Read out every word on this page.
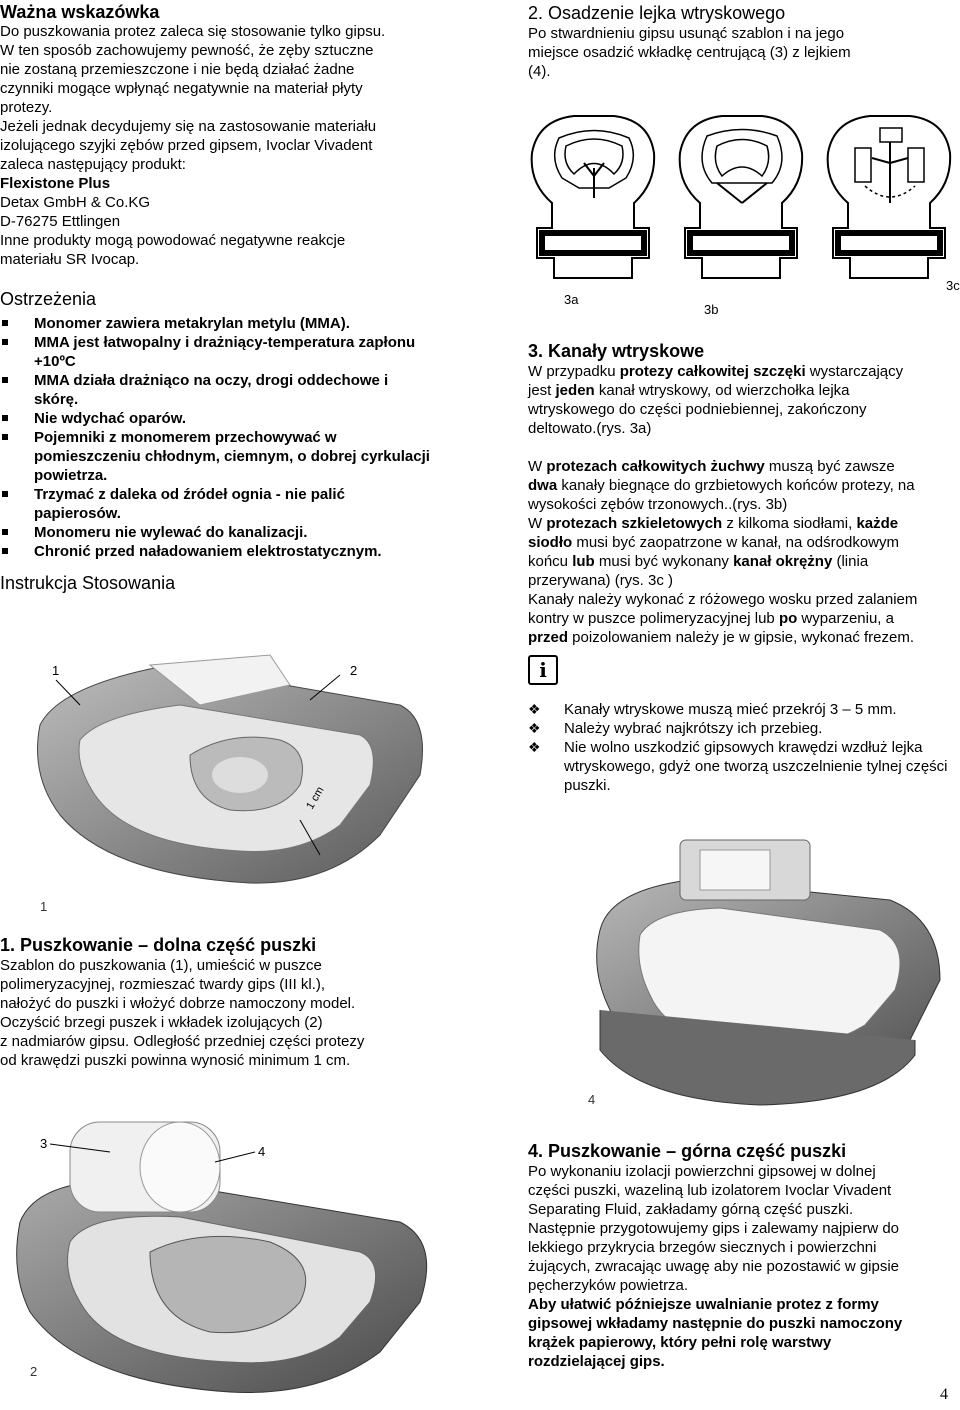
Ważna wskazówka

Do puszkowania protez zaleca się stosowanie tylko gipsu.

W ten sposób zachowujemy pewność, że zęby sztuczne

nie zostaną przemieszczone i nie będą działać żadne

czynniki mogące wpłynąć negatywnie na materiał płyty

protezy.

Jeżeli jednak decydujemy się na zastosowanie materiału

izolującego szyjki zębów przed gipsem, Ivoclar Vivadent

zaleca następujący produkt:

Flexistone Plus

Detax GmbH & Co.KG

D-76275 Ettlingen

Inne produkty mogą powodować negatywne reakcje

materiału SR Ivocap.

Ostrzeżenia
Monomer zawiera metakrylan metylu (MMA).
MMA jest łatwopalny i drażniący-temperatura zapłonu +10ºC
MMA działa drażniąco na oczy, drogi oddechowe i skórę.
Nie wdychać oparów.
Pojemniki z monomerem przechowywać w pomieszczeniu chłodnym, ciemnym, o dobrej cyrkulacji powietrza.
Trzymać z daleka od źródeł ognia - nie palić papierosów.
Monomeru nie wylewać do kanalizacji.
Chronić przed naładowaniem elektrostatycznym.
Instrukcja Stosowania
1	2
1 cm
1
1. Puszkowanie – dolna część puszki

Szablon do puszkowania (1), umieścić w puszce

polimeryzacyjnej, rozmieszać twardy gips (III kl.),

nałożyć do puszki i włożyć dobrze namoczony model.

Oczyścić brzegi puszek i wkładek izolujących (2)

z nadmiarów gipsu. Odległość przedniej części protezy

od krawędzi puszki powinna wynosić minimum 1 cm.

3
4
2
2. Osadzenie lejka wtryskowego

Po stwardnieniu gipsu usunąć szablon i na jego

miejsce osadzić wkładkę centrującą (3) z lejkiem

(4).

3a
3b
3c
3. Kanały wtryskowe

W przypadku protezy całkowitej szczęki wystarczający
jest jeden kanał wtryskowy, od wierzchołka lejka
wtryskowego do części podniebiennej, zakończony
deltowato.(rys. 3a)

W protezach całkowitych żuchwy muszą być zawsze
dwa kanały biegnące do grzbietowych końców protezy, na
wysokości zębów trzonowych..(rys. 3b)

W protezach szkieletowych z kilkoma siodłami, każde
siodło musi być zaopatrzone w kanał, na odśrodkowym
końcu lub musi być wykonany kanał okrężny (linia
przerywana) (rys. 3c )

Kanały należy wykonać z różowego wosku przed zalaniem
kontry w puszce polimeryzacyjnej lub po wyparzeniu, a
przed poizolowaniem należy je w gipsie, wykonać frezem.

i
❖ Kanały wtryskowe muszą mieć przekrój 3 – 5 mm.
❖ Należy wybrać najkrótszy ich przebieg.
❖ Nie wolno uszkodzić gipsowych krawędzi wzdłuż lejka wtryskowego, gdyż one tworzą uszczelnienie tylnej części puszki.
4
4. Puszkowanie – górna część puszki

Po wykonaniu izolacji powierzchni gipsowej w dolnej

części puszki, wazeliną lub izolatorem Ivoclar Vivadent

Separating Fluid, zakładamy górną część puszki.

Następnie przygotowujemy gips i zalewamy najpierw do

lekkiego przykrycia brzegów siecznych i powierzchni

żujących, zwracając uwagę aby nie pozostawić w gipsie

pęcherzyków powietrza.

Aby ułatwić późniejsze uwalnianie protez z formy

gipsowej wkładamy następnie do puszki namoczony

krążek papierowy, który pełni rolę warstwy

rozdzielającej gips.

4
